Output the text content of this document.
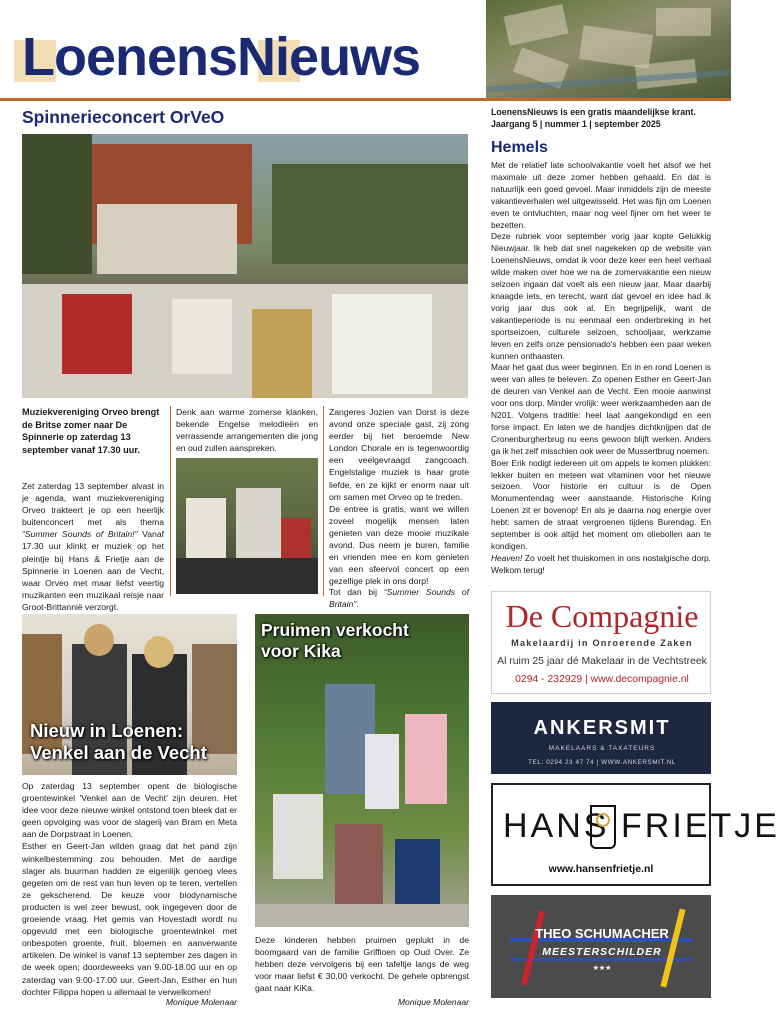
LoenensNieuws
Spinnerieconcert OrVeO
Muziekvereniging Orveo brengt de Britse zomer naar De Spinnerie op zaterdag 13 september vanaf 17.30 uur.
Zet zaterdag 13 september alvast in je agenda, want muziekvereniging Orveo trakteert je op een heerlijk buitenconcert met als thema “Summer Sounds of Britain!” Vanaf 17.30 uur klinkt er muziek op het pleintje bij Hans & Frietje aan de Spinnerie in Loenen aan de Vecht, waar Orveo met maar liefst veertig muzikanten een muzikaal reisje naar Groot-Brittannië verzorgt.
Denk aan warme zomerse klanken, bekende Engelse melodieën en verrassende arrangementen die jong en oud zullen aanspreken.
Zangeres Jozien van Dorst is deze avond onze speciale gast, zij zong eerder bij het beroemde New London Chorale en is tegenwoordig een veelgevraagd zangcoach. Engelstalige muziek is haar grote liefde, en ze kijkt er enorm naar uit om samen met Orveo op te treden.
De entree is gratis, want we willen zoveel mogelijk mensen laten genieten van deze mooie muzikale avond. Dus neem je buren, familie en vrienden mee en kom genieten van een sfeervol concert op een gezellige plek in ons dorp!
Tot dan bij “Summer Sounds of Britain”.
LoenensNieuws is een gratis maandelijkse krant.
Jaargang 5 | nummer 1 | september 2025
Hemels

Met de relatief late schoolvakantie voelt het alsof we het maximale uit deze zomer hebben gehaald. En dat is natuurlijk een goed gevoel. Maar inmiddels zijn de meeste vakantieverhalen wel uitgewisseld. Het was fijn om Loenen even te ontvluchten, maar nog veel fijner om het weer te bezetten.

Deze rubriek voor september vorig jaar kopte Gelukkig Nieuwjaar. Ik heb dat snel nagekeken op de website van LoenensNieuws, omdat ik voor deze keer een heel verhaal wilde maken over hoe we na de zomervakantie een nieuw seizoen ingaan dat voelt als een nieuw jaar. Maar daarbij knaagde iets, en terecht, want dat gevoel en idee had ik vorig jaar dus ook al. En begrijpelijk, want de vakantieperiode is nu eenmaal een onderbreking in het sportseizoen, culturele seizoen, schooljaar, werkzame leven en zelfs onze pensionado's hebben een paar weken kunnen onthaasten.

Maar het gaat dus weer beginnen. En in en rond Loenen is weer van alles te beleven. Zo openen Esther en Geert-Jan de deuren van Venkel aan de Vecht. Een mooie aanwinst voor ons dorp. Minder vrolijk: weer werkzaamheden aan de N201. Volgens traditie: heel laat aangekondigd en een forse impact. En laten we de handjes dichtknijpen dat de Cronenburgherbrug nu eens gewoon blijft werken. Anders ga ik het zelf misschien ook weer de Mussertbrug noemen.

Boer Erik nodigt iedereen uit om appels te komen plukken: lekker buiten en meteen wat vitaminen voor het nieuwe seizoen. Voor historie en cultuur is de Open Monumentendag weer aanstaande. Historische Kring Loenen zit er bovenop! En als je daarna nog energie over hebt: samen de straat vergroenen tijdens Burendag. En september is ook altijd het moment om oliebollen aan te kondigen.

Heaven! Zo voelt het thuiskomen in ons nostalgische dorp. Welkom terug!

Nieuw in Loenen:
Venkel aan de Vecht

Op zaterdag 13 september opent de biologische groentewinkel 'Venkel aan de Vecht' zijn deuren. Het idee voor deze nieuwe winkel ontstond toen bleek dat er geen opvolging was voor de slagerij van Bram en Meta aan de Dorpstraat in Loenen.

Esther en Geert-Jan wilden graag dat het pand zijn winkelbestemming zou behouden. Met de aardige slager als buurman hadden ze eigenlijk genoeg vlees gegeten om de rest van hun leven op te teren, vertellen ze gekscherend. De keuze voor biodynamische producten is wel zeer bewust, ook ingegeven door de groeiende vraag. Het gemis van Hovestadt wordt nu opgevuld met een biologische groentewinkel met onbespoten groente, fruit, bloemen en aanverwante artikelen. De winkel is vanaf 13 september zes dagen in de week open; doordeweeks van 9.00-18.00 uur en op zaterdag van 9.00-17.00 uur. Geert-Jan, Esther en hun dochter Filippa hopen u allemaal te verwelkomen!

Monique Molenaar
Pruimen verkocht
voor Kika
Deze kinderen hebben pruimen geplukt in de boomgaard van de familie Griffioen op Oud Over. Ze hebben deze vervolgens bij een tafeltje langs de weg voor maar liefst € 30,00 verkocht. De gehele opbrengst gaat naar KiKa.
Monique Molenaar
De Compagnie
Makelaardij in Onroerende Zaken
Al ruim 25 jaar dé Makelaar in de Vechtstreek
0294 - 232929 | www.decompagnie.nl
ANKERSMIT
MAKELAARS & TAXATEURS
TEL: 0294 23 47 74 | WWW.ANKERSMIT.NL
HANS FRIETJE
www.hansenfrietje.nl
THEO SCHUMACHER
MEESTERSCHILDER
★★★
